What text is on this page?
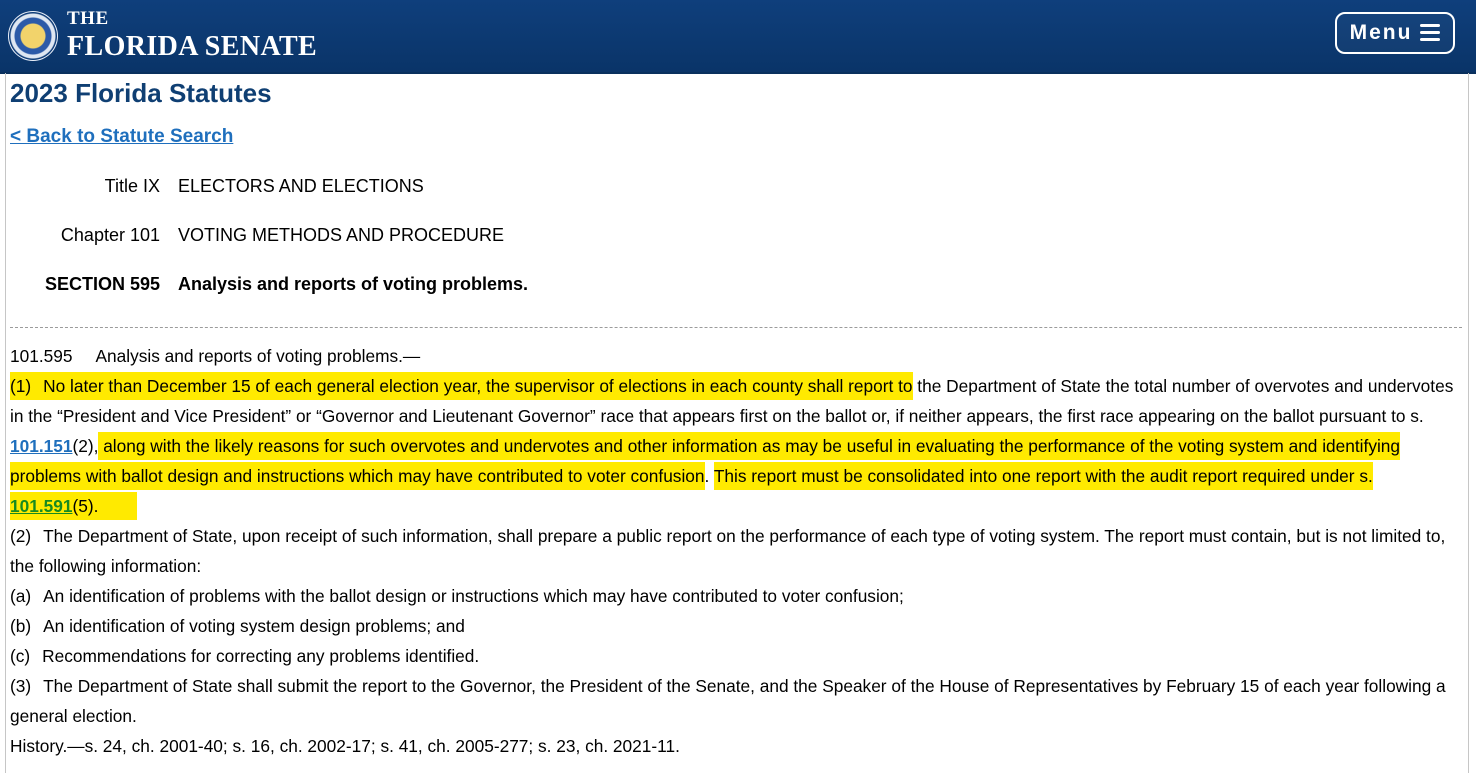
THE
FLORIDA SENATE	Menu
2023 Florida Statutes
< Back to Statute Search
Title IX ELECTORS AND ELECTIONS
Chapter 101 VOTING METHODS AND PROCEDURE
SECTION 595 Analysis and reports of voting problems.

101.595 Analysis and reports of voting problems.—

(1) No later than December 15 of each general election year, the supervisor of elections in each county shall report to the Department of State the total number of overvotes and undervotes in the “President and Vice President” or “Governor and Lieutenant Governor” race that appears first on the ballot or, if neither appears, the first race appearing on the ballot pursuant to s. 101.151(2), along with the likely reasons for such overvotes and undervotes and other information as may be useful in evaluating the performance of the voting system and identifying problems with ballot design and instructions which may have contributed to voter confusion. This report must be consolidated into one report with the audit report required under s. 101.591(5).

(2) The Department of State, upon receipt of such information, shall prepare a public report on the performance of each type of voting system. The report must contain, but is not limited to, the following information:

(a) An identification of problems with the ballot design or instructions which may have contributed to voter confusion;

(b) An identification of voting system design problems; and

(c) Recommendations for correcting any problems identified.

(3) The Department of State shall submit the report to the Governor, the President of the Senate, and the Speaker of the House of Representatives by February 15 of each year following a general election.

History.—s. 24, ch. 2001-40; s. 16, ch. 2002-17; s. 41, ch. 2005-277; s. 23, ch. 2021-11.
